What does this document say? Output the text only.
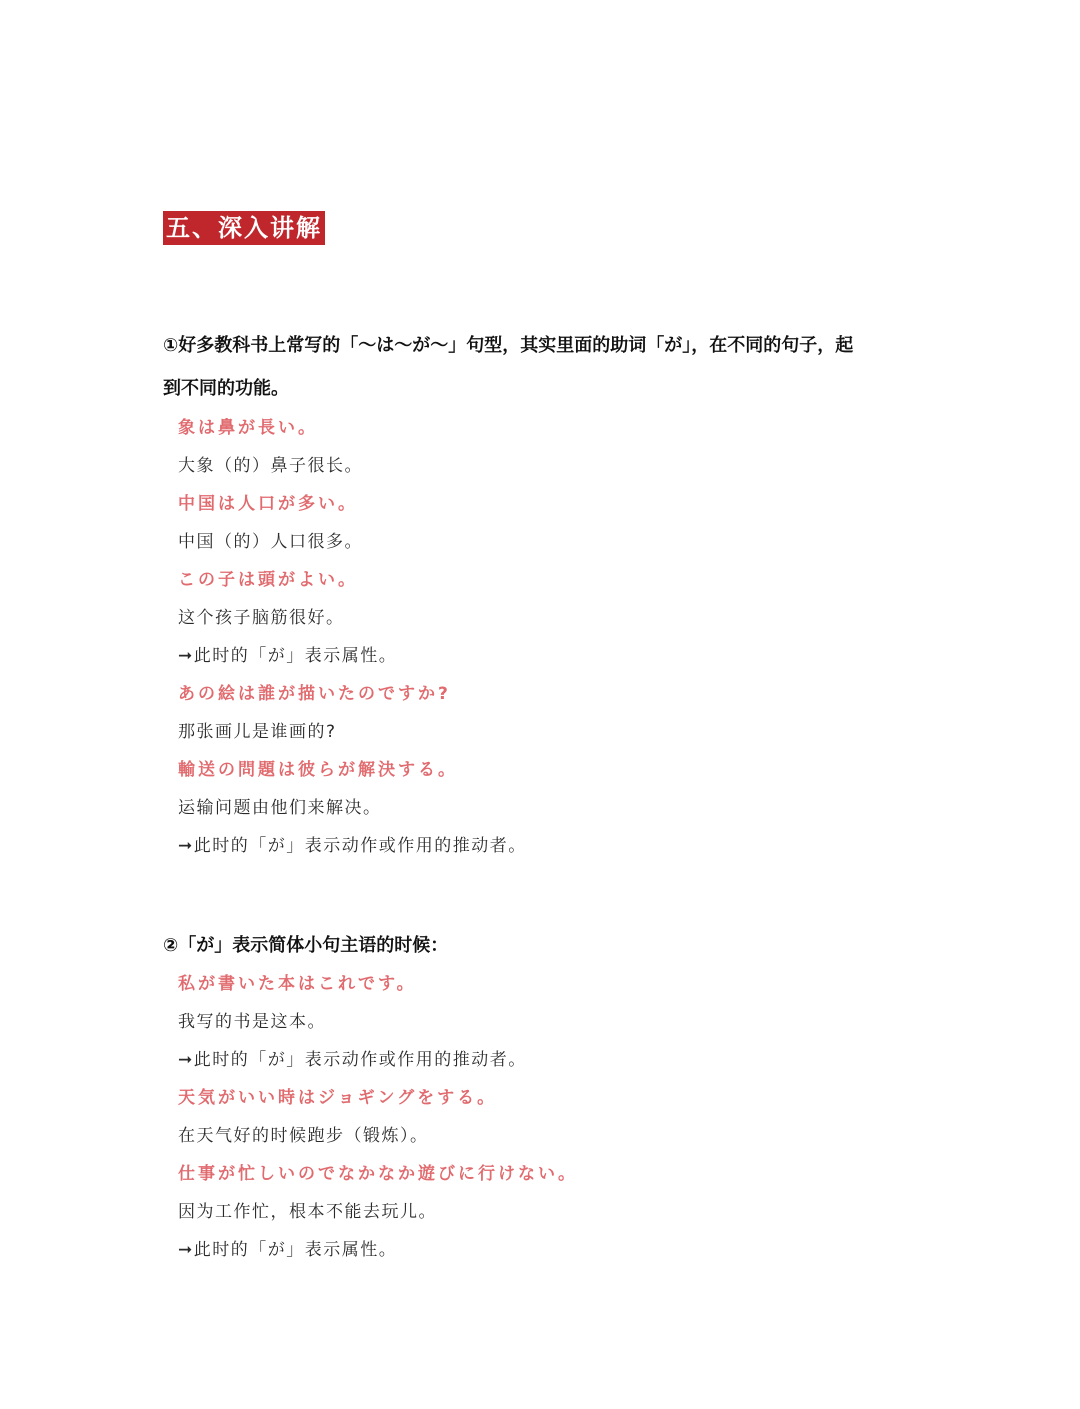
五、深入讲解
①好多教科书上常写的「～は～が～」句型，其实里面的助词「が」，在不同的句子，起
到不同的功能。
象は鼻が長い。
大象（的）鼻子很长。
中国は人口が多い。
中国（的）人口很多。
この子は頭がよい。
这个孩子脑筋很好。
➞此时的「が」表示属性。
あの絵は誰が描いたのですか?
那张画儿是谁画的?
輸送の問題は彼らが解決する。
运输问题由他们来解决。
➞此时的「が」表示动作或作用的推动者。
②「が」表示简体小句主语的时候：
私が書いた本はこれです。
我写的书是这本。
➞此时的「が」表示动作或作用的推动者。
天気がいい時はジョギングをする。
在天气好的时候跑步（锻炼）。
仕事が忙しいのでなかなか遊びに行けない。
因为工作忙，根本不能去玩儿。
➞此时的「が」表示属性。
